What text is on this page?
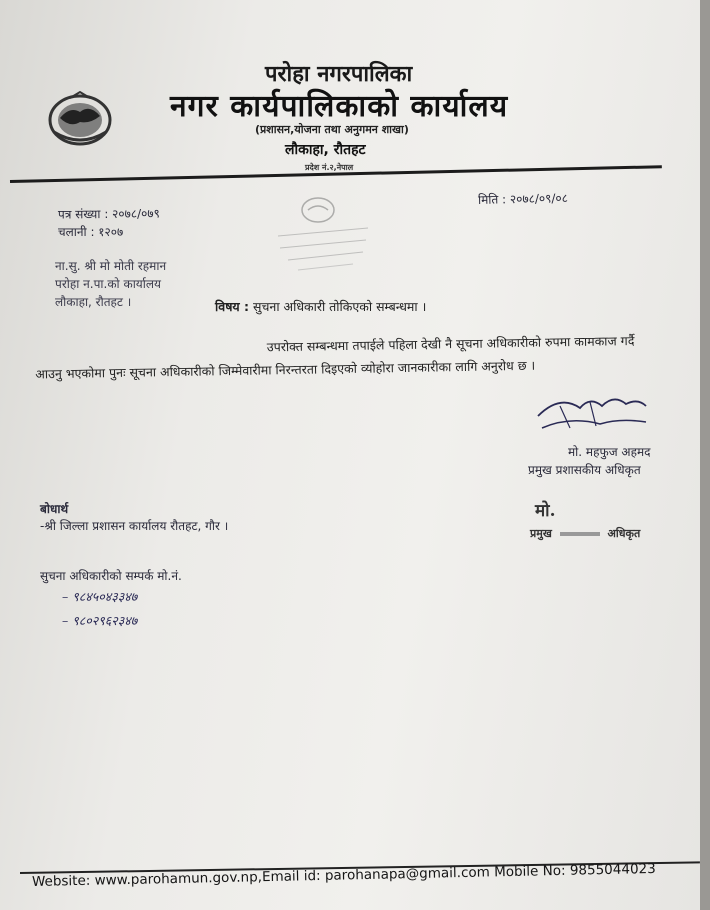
परोहा नगरपालिका
नगर कार्यपालिकाको कार्यालय
(प्रशासन,योजना तथा अनुगमन शाखा)
लौकाहा, रौतहट
प्रदेश नं.२,नेपाल
पत्र संख्या : २०७८/०७९
चलानी : १२०७
मिति : २०७८/०९/०८
ना.सु. श्री मो मोती रहमान
परोहा न.पा.को कार्यालय
लौकाहा, रौतहट ।	विषय : सुचना अधिकारी तोकिएको सम्बन्धमा ।
उपरोक्त सम्बन्धमा तपाईले पहिला देखी नै सूचना अधिकारीको रुपमा कामकाज गर्दै आउनु भएकोमा पुनः सूचना अधिकारीको जिम्मेवारीमा निरन्तरता दिइएको व्योहोरा जानकारीका लागि अनुरोध छ ।
मो. महफुज अहमद
प्रमुख प्रशासकीय अधिकृत
मो.
प्रमुख	अधिकृत
बोधार्थ
-श्री जिल्ला प्रशासन कार्यालय रौतहट, गौर ।
सुचना अधिकारीको सम्पर्क मो.नं.
– ९८४५०४३३४७
– ९८०२९६२३४७
Website: www.parohamun.gov.np,Email id: parohanapa@gmail.com Mobile No: 9855044023
